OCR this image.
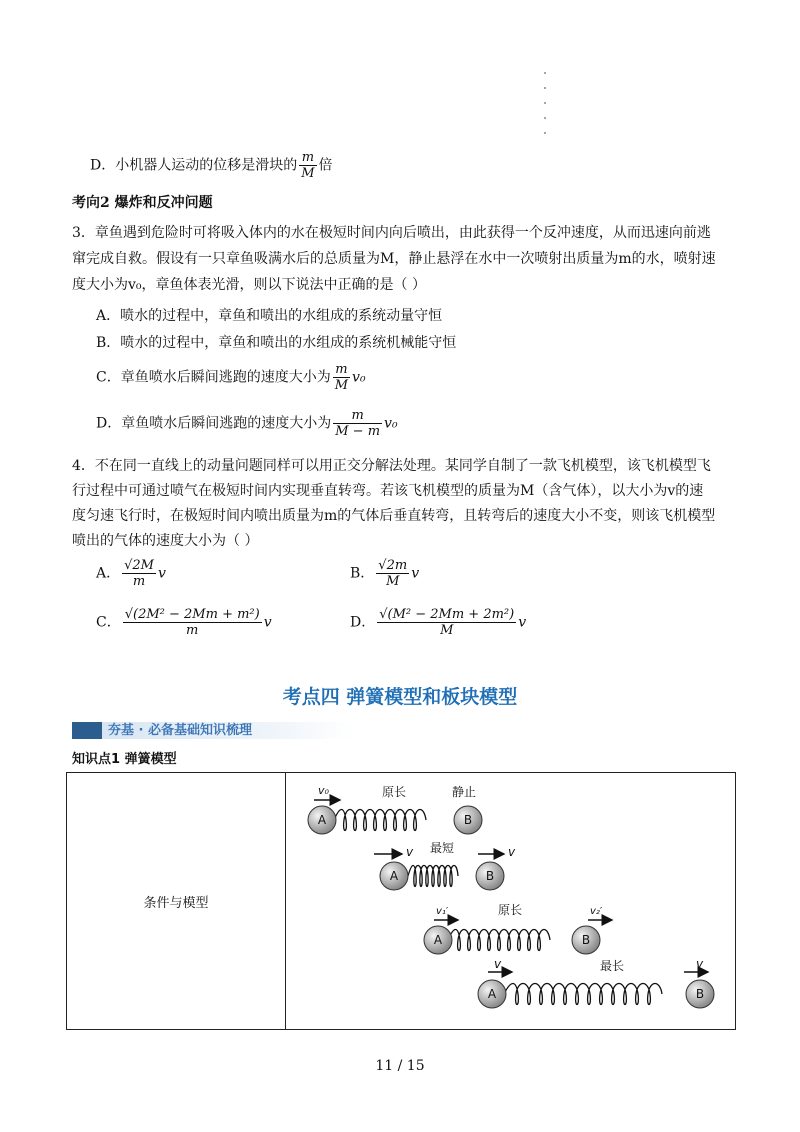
D．小机器人运动的位移是滑块的 $\frac{m}{M}$ 倍
考向2 爆炸和反冲问题
3．章鱼遇到危险时可将吸入体内的水在极短时间内向后喷出，由此获得一个反冲速度，从而迅速向前逃
窜完成自救。假设有一只章鱼吸满水后的总质量为M，静止悬浮在水中一次喷射出质量为m的水，喷射速
度大小为v₀，章鱼体表光滑，则以下说法中正确的是（ ）
A．喷水的过程中，章鱼和喷出的水组成的系统动量守恒
B．喷水的过程中，章鱼和喷出的水组成的系统机械能守恒
C．章鱼喷水后瞬间逃跑的速度大小为 $\frac{m}{M} v_0$
D．章鱼喷水后瞬间逃跑的速度大小为 $\frac{m}{M - m} v_0$
4．不在同一直线上的动量问题同样可以用正交分解法处理。某同学自制了一款飞机模型，该飞机模型飞
行过程中可通过喷气在极短时间内实现垂直转弯。若该飞机模型的质量为M（含气体），以大小为v的速
度匀速飞行时，在极短时间内喷出质量为m的气体后垂直转弯，且转弯后的速度大小不变，则该飞机模型
喷出的气体的速度大小为（ ）
A． $\frac{√2M}{m}$ v	B． $\frac{√2m}{M}$ v
C． $\frac{\text{√(2M² − 2Mm + m²)}}{m}$ v	D． $\frac{\text{√(M² − 2Mm + 2m²)}}{M}$ v
考点四 弹簧模型和板块模型
夯基 · 必备基础知识梳理
知识点1 弹簧模型
条件与模型	
v₀	原长	静止
A	B
v 最短	v
A	B
v₁′	原长	v₂′
A	B
v	最长	v
A	B
11 / 15
